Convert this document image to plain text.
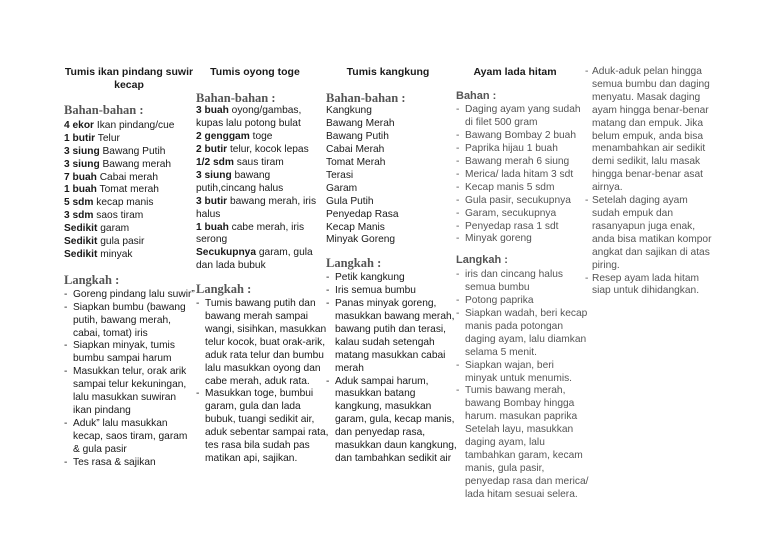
Tumis ikan pindang suwir kecap
Bahan-bahan :
4 ekor Ikan pindang/cue
1 butir Telur
3 siung Bawang Putih
3 siung Bawang merah
7 buah Cabai merah
1 buah Tomat merah
5 sdm kecap manis
3 sdm saos tiram
Sedikit garam
Sedikit gula pasir
Sedikit minyak
Langkah :
- Goreng pindang lalu suwir”
- Siapkan bumbu (bawang
putih, bawang merah,
cabai, tomat) iris
- Siapkan minyak, tumis
bumbu sampai harum
- Masukkan telur, orak arik
sampai telur kekuningan,
lalu masukkan suwiran
ikan pindang
- Aduk” lalu masukkan
kecap, saos tiram, garam
& gula pasir
- Tes rasa & sajikan
Tumis oyong toge
Bahan-bahan :
3 buah oyong/gambas,
kupas lalu potong bulat
2 genggam toge
2 butir telur, kocok lepas
1/2 sdm saus tiram
3 siung bawang
putih,cincang halus
3 butir bawang merah, iris
halus
1 buah cabe merah, iris
serong
Secukupnya garam, gula
dan lada bubuk
Langkah :
- Tumis bawang putih dan
bawang merah sampai
wangi, sisihkan, masukkan
telur kocok, buat orak-arik,
aduk rata telur dan bumbu
lalu masukkan oyong dan
cabe merah, aduk rata.
- Masukkan toge, bumbui
garam, gula dan lada
bubuk, tuangi sedikit air,
aduk sebentar sampai rata,
tes rasa bila sudah pas
matikan api, sajikan.
Tumis kangkung
Bahan-bahan :
Kangkung
Bawang Merah
Bawang Putih
Cabai Merah
Tomat Merah
Terasi
Garam
Gula Putih
Penyedap Rasa
Kecap Manis
Minyak Goreng
Langkah :
- Petik kangkung
- Iris semua bumbu
- Panas minyak goreng,
masukkan bawang merah,
bawang putih dan terasi,
kalau sudah setengah
matang masukkan cabai
merah
- Aduk sampai harum,
masukkan batang
kangkung, masukkan
garam, gula, kecap manis,
dan penyedap rasa,
masukkan daun kangkung,
dan tambahkan sedikit air
Ayam lada hitam
Bahan :
- Daging ayam yang sudah
di filet 500 gram
- Bawang Bombay 2 buah
- Paprika hijau 1 buah
- Bawang merah 6 siung
- Merica/ lada hitam 3 sdt
- Kecap manis 5 sdm
- Gula pasir, secukupnya
- Garam, secukupnya
- Penyedap rasa 1 sdt
- Minyak goreng
Langkah :
- iris dan cincang halus
semua bumbu
- Potong paprika
- Siapkan wadah, beri kecap
manis pada potongan
daging ayam, lalu diamkan
selama 5 menit.
- Siapkan wajan, beri
minyak untuk menumis.
- Tumis bawang merah,
bawang Bombay hingga
harum. masukan paprika
Setelah layu, masukkan
daging ayam, lalu
tambahkan garam, kecam
manis, gula pasir,
penyedap rasa dan merica/
lada hitam sesuai selera.
- Aduk-aduk pelan hingga
semua bumbu dan daging
menyatu. Masak daging
ayam hingga benar-benar
matang dan empuk. Jika
belum empuk, anda bisa
menambahkan air sedikit
demi sedikit, lalu masak
hingga benar-benar asat
airnya.
- Setelah daging ayam
sudah empuk dan
rasanyapun juga enak,
anda bisa matikan kompor
angkat dan sajikan di atas
piring.
- Resep ayam lada hitam
siap untuk dihidangkan.
